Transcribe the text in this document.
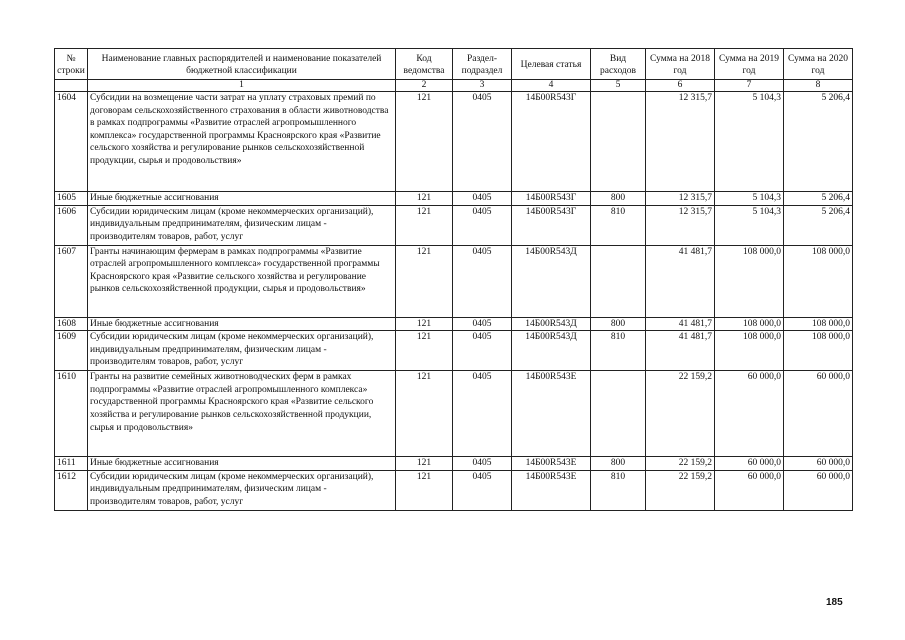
№ строки	Наименование главных распорядителей и наименование показателей бюджетной классификации	Код ведомства	Раздел-подраздел	Целевая статья	Вид расходов	Сумма на 2018 год	Сумма на 2019 год	Сумма на 2020 год
	1	2	3	4	5	6	7	8
1604	Субсидии на возмещение части затрат на уплату страховых премий по договорам сельскохозяйственного страхования в области животноводства в рамках подпрограммы «Развитие отраслей агропромышленного комплекса» государственной программы Красноярского края «Развитие сельского хозяйства и регулирование рынков сельскохозяйственной продукции, сырья и продовольствия»	121	0405	14Б00R543Г		12 315,7	5 104,3	5 206,4
1605	Иные бюджетные ассигнования	121	0405	14Б00R543Г	800	12 315,7	5 104,3	5 206,4
1606	Субсидии юридическим лицам (кроме некоммерческих организаций), индивидуальным предпринимателям, физическим лицам - производителям товаров, работ, услуг	121	0405	14Б00R543Г	810	12 315,7	5 104,3	5 206,4
1607	Гранты начинающим фермерам в рамках подпрограммы «Развитие отраслей агропромышленного комплекса» государственной программы Красноярского края «Развитие сельского хозяйства и регулирование рынков сельскохозяйственной продукции, сырья и продовольствия»	121	0405	14Б00R543Д		41 481,7	108 000,0	108 000,0
1608	Иные бюджетные ассигнования	121	0405	14Б00R543Д	800	41 481,7	108 000,0	108 000,0
1609	Субсидии юридическим лицам (кроме некоммерческих организаций), индивидуальным предпринимателям, физическим лицам - производителям товаров, работ, услуг	121	0405	14Б00R543Д	810	41 481,7	108 000,0	108 000,0
1610	Гранты на развитие семейных животноводческих ферм в рамках подпрограммы «Развитие отраслей агропромышленного комплекса» государственной программы Красноярского края «Развитие сельского хозяйства и регулирование рынков сельскохозяйственной продукции, сырья и продовольствия»	121	0405	14Б00R543Е		22 159,2	60 000,0	60 000,0
1611	Иные бюджетные ассигнования	121	0405	14Б00R543Е	800	22 159,2	60 000,0	60 000,0
1612	Субсидии юридическим лицам (кроме некоммерческих организаций), индивидуальным предпринимателям, физическим лицам - производителям товаров, работ, услуг	121	0405	14Б00R543Е	810	22 159,2	60 000,0	60 000,0
185
